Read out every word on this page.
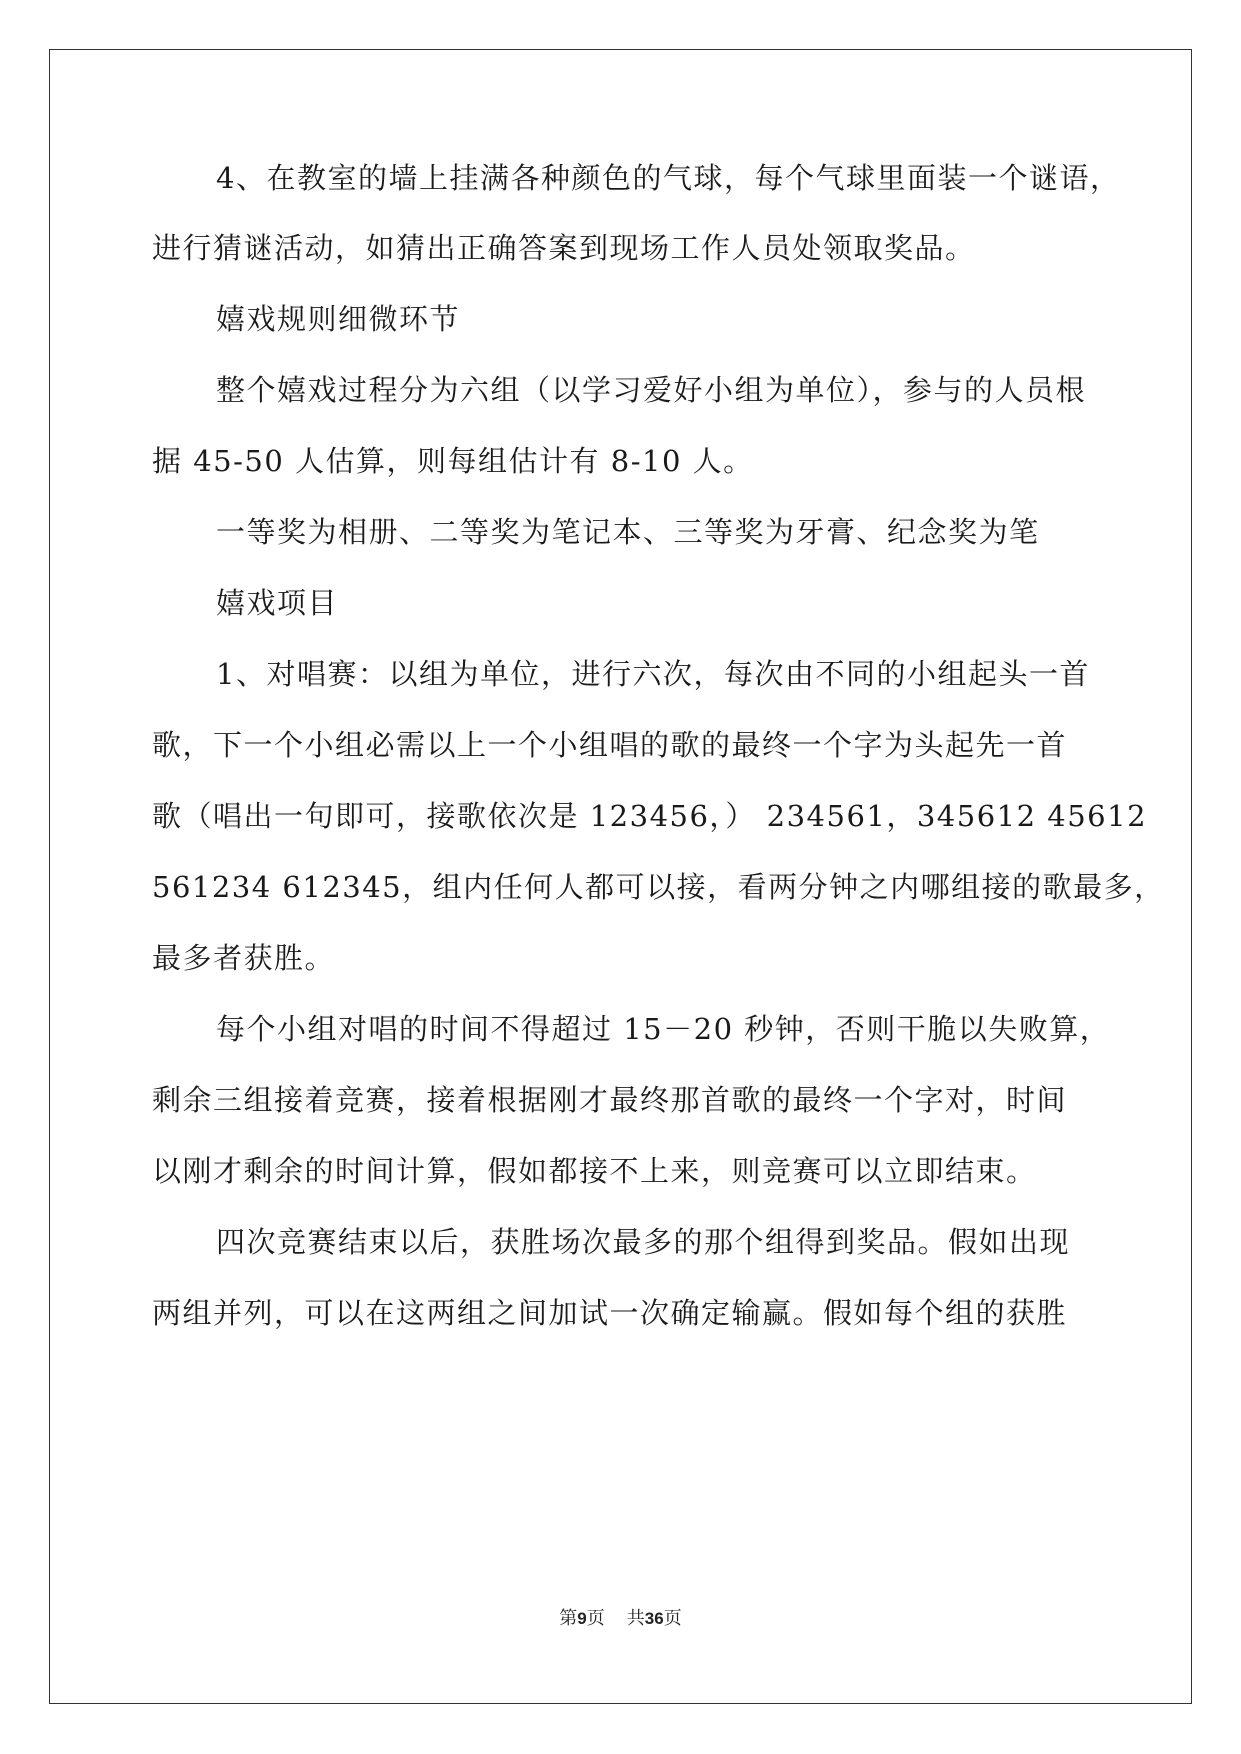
4、在教室的墙上挂满各种颜色的气球，每个气球里面装一个谜语，
进行猜谜活动，如猜出正确答案到现场工作人员处领取奖品。
嬉戏规则细微环节
整个嬉戏过程分为六组（以学习爱好小组为单位），参与的人员根
据 45-50 人估算，则每组估计有 8-10 人。
一等奖为相册、二等奖为笔记本、三等奖为牙膏、纪念奖为笔
嬉戏项目
1、对唱赛：以组为单位，进行六次，每次由不同的小组起头一首
歌，下一个小组必需以上一个小组唱的歌的最终一个字为头起先一首
歌（唱出一句即可，接歌依次是 123456，） 234561，345612 45612
561234 612345，组内任何人都可以接，看两分钟之内哪组接的歌最多，
最多者获胜。
每个小组对唱的时间不得超过 15－20 秒钟，否则干脆以失败算，
剩余三组接着竞赛，接着根据刚才最终那首歌的最终一个字对，时间
以刚才剩余的时间计算，假如都接不上来，则竞赛可以立即结束。
四次竞赛结束以后，获胜场次最多的那个组得到奖品。假如出现
两组并列，可以在这两组之间加试一次确定输赢。假如每个组的获胜
第9页 共36页
